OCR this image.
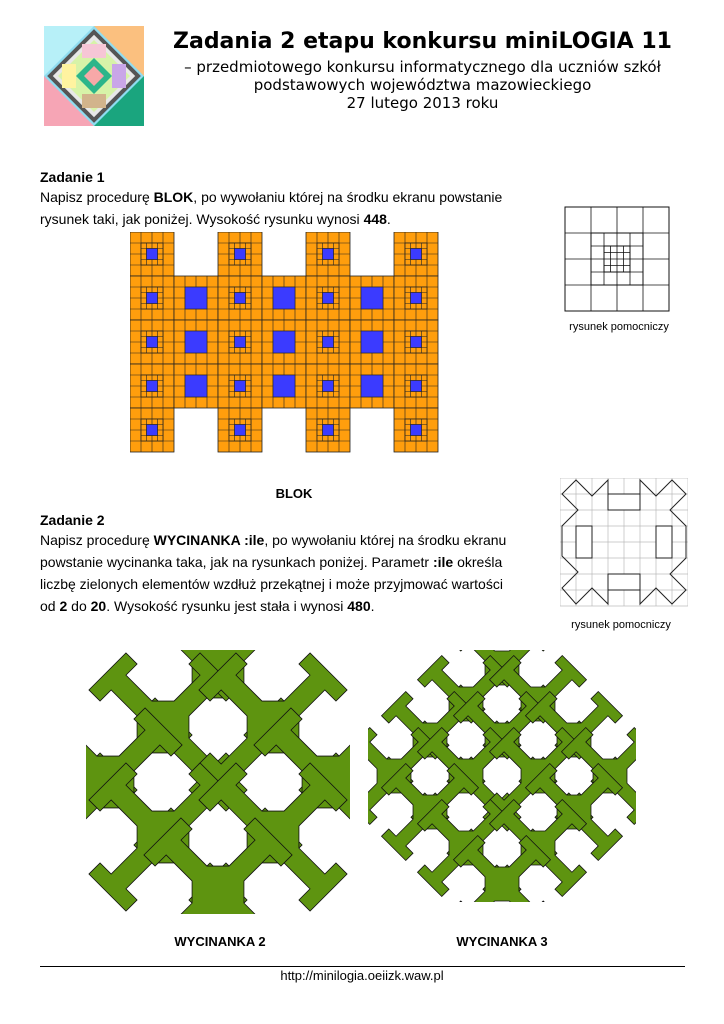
Zadania 2 etapu konkursu miniLOGIA 11
– przedmiotowego konkursu informatycznego dla uczniów szkół
podstawowych województwa mazowieckiego
27 lutego 2013 roku
Zadanie 1
Napisz procedurę BLOK, po wywołaniu której na środku ekranu powstanie
rysunek taki, jak poniżej. Wysokość rysunku wynosi 448.
BLOK
rysunek pomocniczy
Zadanie 2
Napisz procedurę WYCINANKA :ile, po wywołaniu której na środku ekranu
powstanie wycinanka taka, jak na rysunkach poniżej. Parametr :ile określa
liczbę zielonych elementów wzdłuż przekątnej i może przyjmować wartości
od 2 do 20. Wysokość rysunku jest stała i wynosi 480.
rysunek pomocniczy
WYCINANKA 2	WYCINANKA 3
http://minilogia.oeiizk.waw.pl
